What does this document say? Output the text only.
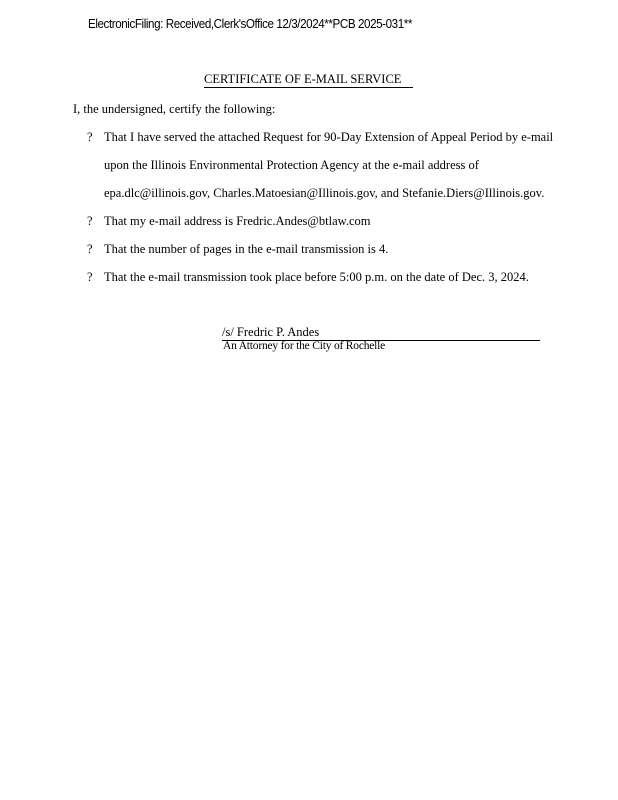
ElectronicFiling: Received,Clerk'sOffice 12/3/2024**PCB 2025-031**
CERTIFICATE OF E-MAIL SERVICE
I, the undersigned, certify the following:
? That I have served the attached Request for 90-Day Extension of Appeal Period by e-mail
upon the Illinois Environmental Protection Agency at the e-mail address of
epa.dlc@illinois.gov, Charles.Matoesian@Illinois.gov, and Stefanie.Diers@Illinois.gov.
? That my e-mail address is Fredric.Andes@btlaw.com
? That the number of pages in the e-mail transmission is 4.
? That the e-mail transmission took place before 5:00 p.m. on the date of Dec. 3, 2024.
/s/ Fredric P. Andes
An Attorney for the City of Rochelle
